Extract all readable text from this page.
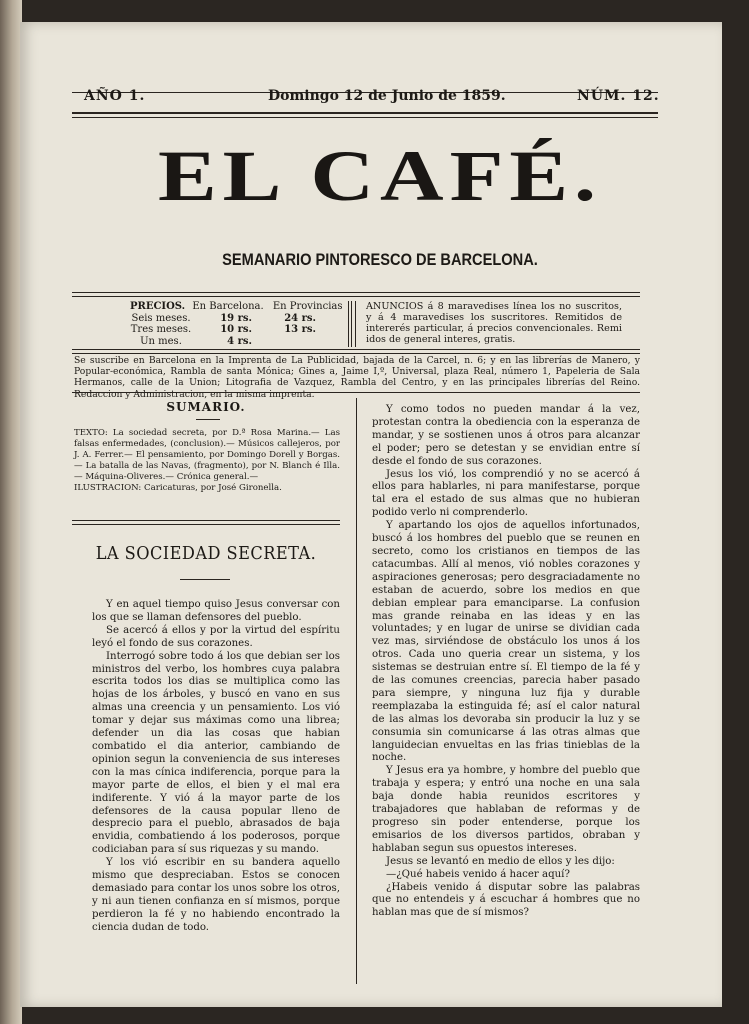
AÑO 1.	Domingo 12 de Junio de 1859.	NÚM. 12.
EL CAFÉ.
SEMANARIO PINTORESCO DE BARCELONA.
PRECIOS. En Barcelona. En Provincias
Seis meses.	19 rs.	24 rs.
Tres meses.	10 rs.	13 rs.
Un mes.	4 rs.
ANUNCIOS á 8 maravedises línea los no suscritos, y á 4 maravedises los suscritores. Remitidos de intererés particular, á precios convencionales. Remi idos de general interes, gratis.
Se suscribe en Barcelona en la Imprenta de La Publicidad, bajada de la Carcel, n. 6; y en las librerías de Manero, y Popular-económica, Rambla de santa Mónica; Gines a, Jaime I,º, Universal, plaza Real, número 1, Papeleria de Sala Hermanos, calle de la Union; Litografia de Vazquez, Rambla del Centro, y en las principales librerías del Reino. Redaccion y Administracion, en la misma imprenta.
SUMARIO.
TEXTO: La sociedad secreta, por D.ª Rosa Marina.— Las falsas enfermedades, (conclusion).— Músicos callejeros, por J. A. Ferrer.— El pensamiento, por Domingo Dorell y Borgas.— La batalla de las Navas, (fragmento), por N. Blanch é Illa.— Máquina-Oliveres.— Crónica general.—
ILUSTRACION: Caricaturas, por José Gironella.
LA SOCIEDAD SECRETA.

Y en aquel tiempo quiso Jesus conversar con los que se llaman defensores del pueblo.

Se acercó á ellos y por la virtud del espíritu leyó el fondo de sus corazones.

Interrogó sobre todo á los que debian ser los ministros del verbo, los hombres cuya palabra escrita todos los dias se multiplica como las hojas de los árboles, y buscó en vano en sus almas una creencia y un pensamiento. Los vió tomar y dejar sus máximas como una librea; defender un dia las cosas que habian combatido el dia anterior, cambiando de opinion segun la conveniencia de sus intereses con la mas cínica indiferencia, porque para la mayor parte de ellos, el bien y el mal era indiferente. Y vió á la mayor parte de los defensores de la causa popular lleno de desprecio para el pueblo, abrasados de baja envidia, combatiendo á los poderosos, porque codiciaban para sí sus riquezas y su mando.

Y los vió escribir en su bandera aquello mismo que despreciaban. Estos se conocen demasiado para contar los unos sobre los otros, y ni aun tienen confianza en sí mismos, porque perdieron la fé y no habiendo encontrado la ciencia dudan de todo.

Y como todos no pueden mandar á la vez, protestan contra la obediencia con la esperanza de mandar, y se sostienen unos á otros para alcanzar el poder; pero se detestan y se envidian entre sí desde el fondo de sus corazones.

Jesus los vió, los comprendió y no se acercó á ellos para hablarles, ni para manifestarse, porque tal era el estado de sus almas que no hubieran podido verlo ni comprenderlo.

Y apartando los ojos de aquellos infortunados, buscó á los hombres del pueblo que se reunen en secreto, como los cristianos en tiempos de las catacumbas. Allí al menos, vió nobles corazones y aspiraciones generosas; pero desgraciadamente no estaban de acuerdo, sobre los medios en que debian emplear para emanciparse. La confusion mas grande reinaba en las ideas y en las voluntades; y en lugar de unirse se dividian cada vez mas, sirviéndose de obstáculo los unos á los otros. Cada uno queria crear un sistema, y los sistemas se destruian entre sí. El tiempo de la fé y de las comunes creencias, parecia haber pasado para siempre, y ninguna luz fija y durable reemplazaba la estinguida fé; así el calor natural de las almas los devoraba sin producir la luz y se consumia sin comunicarse á las otras almas que languidecian envueltas en las frias tinieblas de la noche.

Y Jesus era ya hombre, y hombre del pueblo que trabaja y espera; y entró una noche en una sala baja donde habia reunidos escritores y trabajadores que hablaban de reformas y de progreso sin poder entenderse, porque los emisarios de los diversos partidos, obraban y hablaban segun sus opuestos intereses.

Jesus se levantó en medio de ellos y les dijo:

—¿Qué habeis venido á hacer aquí?

¿Habeis venido á disputar sobre las palabras que no entendeis y á escuchar á hombres que no hablan mas que de sí mismos?
